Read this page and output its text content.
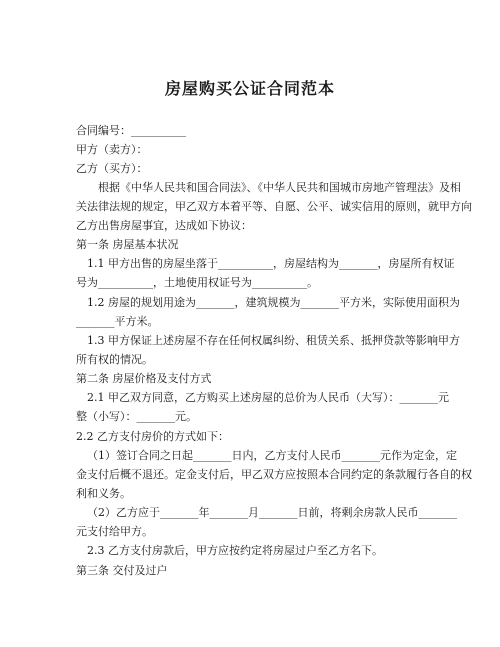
房屋购买公证合同范本
合同编号：__________
甲方（卖方）：
乙方（买方）：
根据《中华人民共和国合同法》、《中华人民共和国城市房地产管理法》及相
关法律法规的规定，甲乙双方本着平等、自愿、公平、诚实信用的原则，就甲方向
乙方出售房屋事宜，达成如下协议：
第一条 房屋基本状况
1.1 甲方出售的房屋坐落于__________，房屋结构为_______，房屋所有权证
号为__________，土地使用权证号为__________。
1.2 房屋的规划用途为_______，建筑规模为_______平方米，实际使用面积为
_______平方米。
1.3 甲方保证上述房屋不存在任何权属纠纷、租赁关系、抵押贷款等影响甲方
所有权的情况。
第二条 房屋价格及支付方式
2.1 甲乙双方同意，乙方购买上述房屋的总价为人民币（大写）：_______元
整（小写）：_______元。
2.2 乙方支付房价的方式如下：
（1）签订合同之日起_______日内，乙方支付人民币_______元作为定金，定
金支付后概不退还。定金支付后，甲乙双方应按照本合同约定的条款履行各自的权
利和义务。
（2）乙方应于_______年_______月_______日前，将剩余房款人民币_______
元支付给甲方。
2.3 乙方支付房款后，甲方应按约定将房屋过户至乙方名下。
第三条 交付及过户
